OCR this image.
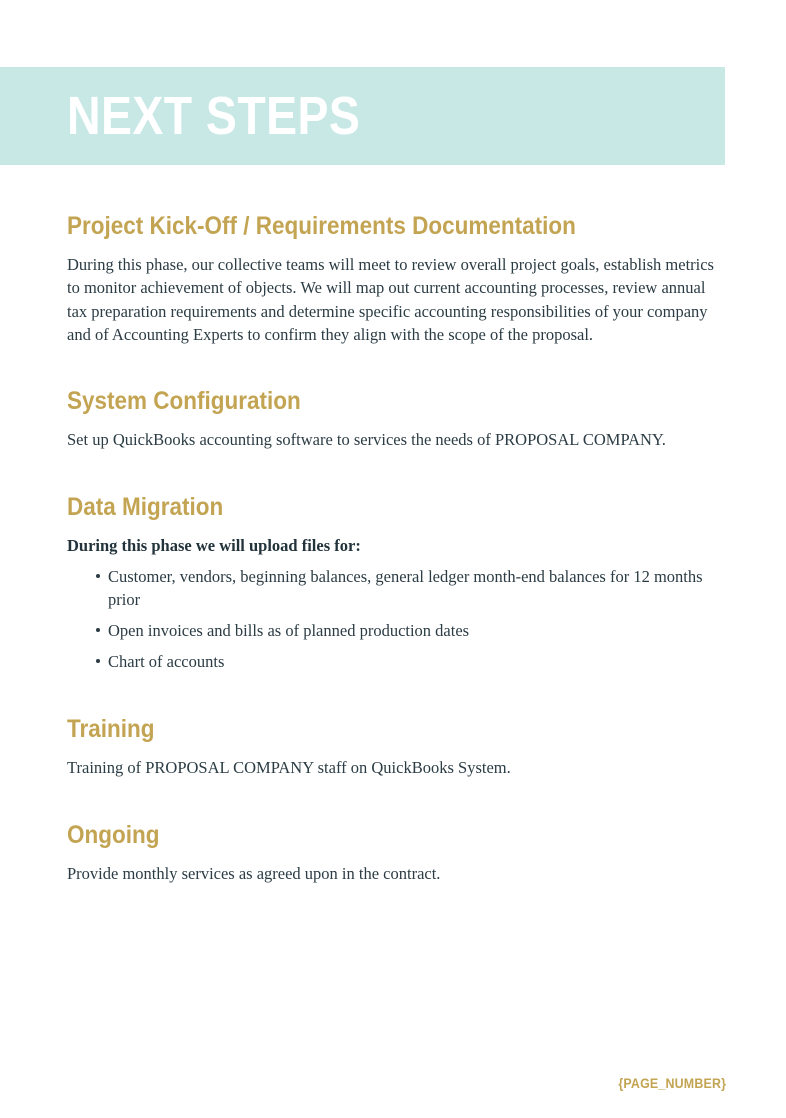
NEXT STEPS
Project Kick-Off / Requirements Documentation

During this phase, our collective teams will meet to review overall project goals, establish metrics to monitor achievement of objects. We will map out current accounting processes, review annual tax preparation requirements and determine specific accounting responsibilities of your company and of Accounting Experts to confirm they align with the scope of the proposal.

System Configuration

Set up QuickBooks accounting software to services the needs of PROPOSAL COMPANY.

Data Migration

During this phase we will upload files for:

Customer, vendors, beginning balances, general ledger month-end balances for 12 months prior
Open invoices and bills as of planned production dates
Chart of accounts
Training

Training of PROPOSAL COMPANY staff on QuickBooks System.

Ongoing

Provide monthly services as agreed upon in the contract.

{PAGE_NUMBER}
